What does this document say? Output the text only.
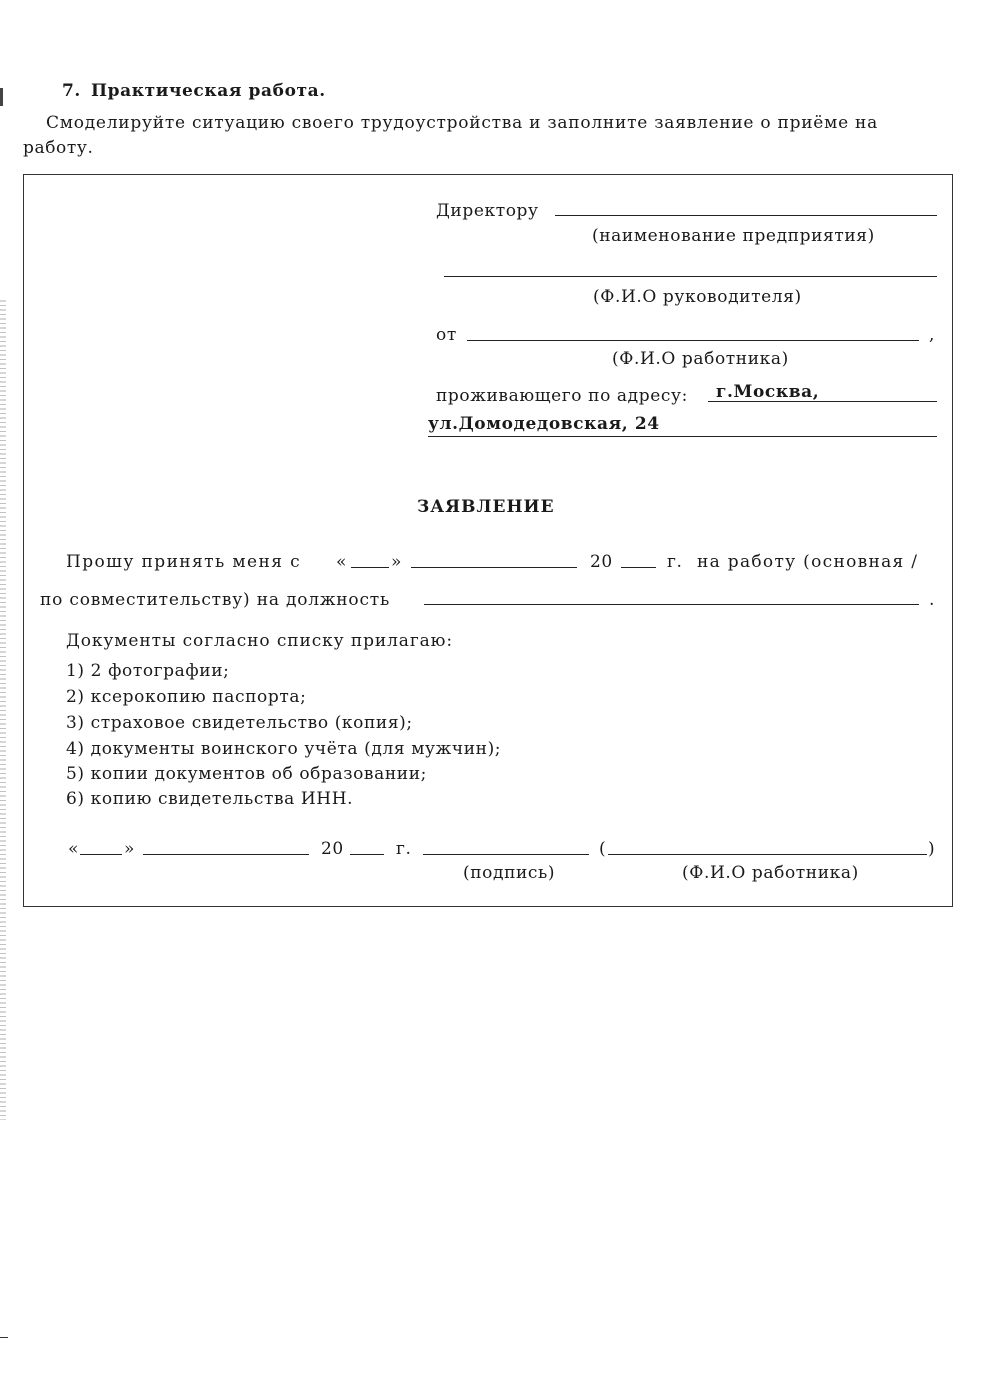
7. Практическая работа.
Смоделируйте ситуацию своего трудоустройства и заполните заявление о приёме на
работу.
Директору
(наименование предприятия)
(Ф.И.О руководителя)
от	,
(Ф.И.О работника)
проживающего по адресу: г.Москва,
ул.Домодедовская, 24
ЗАЯВЛЕНИЕ
Прошу принять меня с «	»	20	г. на работу (основная /
по совместительству) на должность	.
Документы согласно списку прилагаю:
1) 2 фотографии;
2) ксерокопию паспорта;
3) страховое свидетельство (копия);
4) документы воинского учёта (для мужчин);
5) копии документов об образовании;
6) копию свидетельства ИНН.
«	»	20	г.	(	)
(подпись)	(Ф.И.О работника)
